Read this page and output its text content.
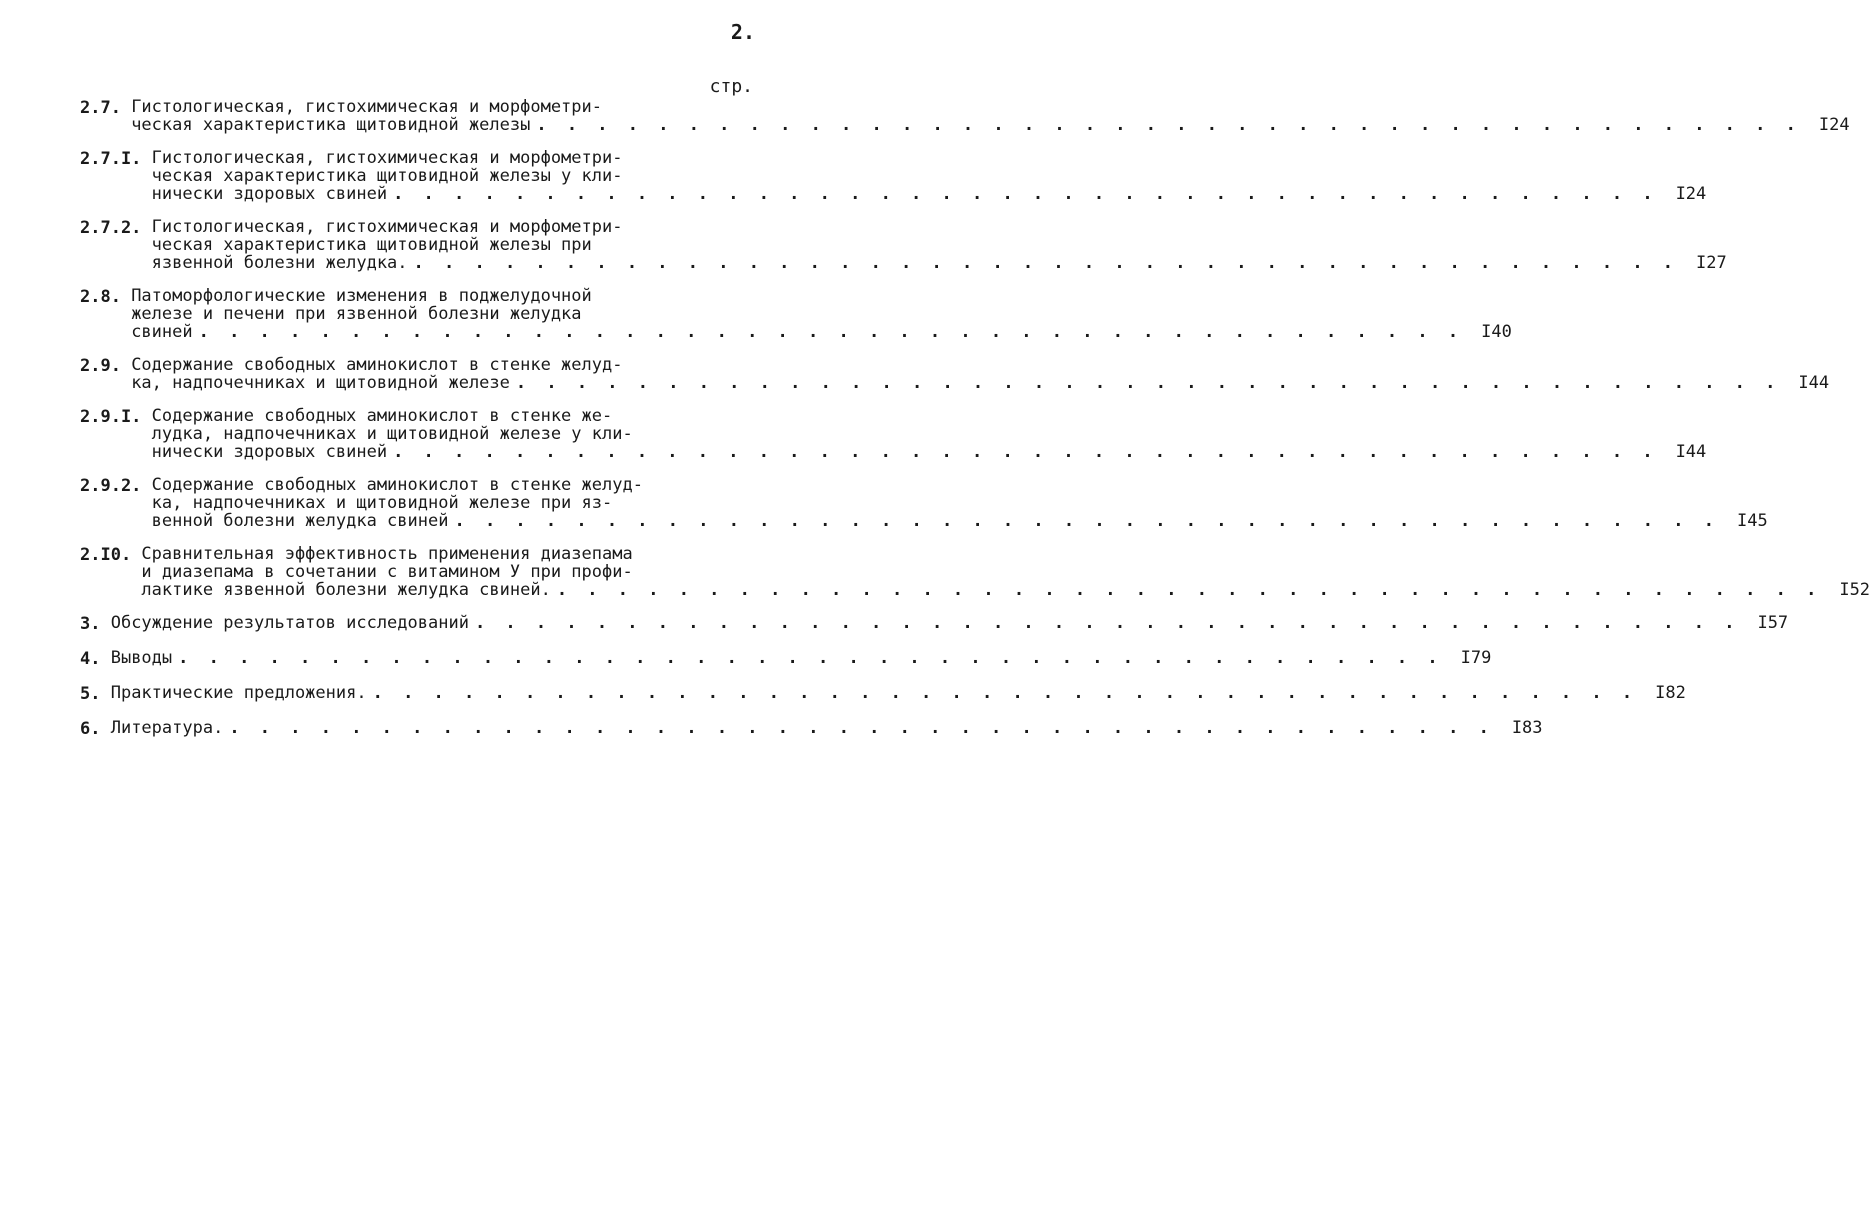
2.
стр.
2.7. Гистологическая, гистохимическая и морфометри-
ческая характеристика щитовидной железы . . . . . . . . . . . . . . . . . . . . . . . . . . . . . . . . . . . . . . . . . . I24
2.7.I. Гистологическая, гистохимическая и морфометри-
ческая характеристика щитовидной железы у кли-
нически здоровых свиней . . . . . . . . . . . . . . . . . . . . . . . . . . . . . . . . . . . . . . . . . . I24
2.7.2. Гистологическая, гистохимическая и морфометри-
ческая характеристика щитовидной железы при
язвенной болезни желудка. . . . . . . . . . . . . . . . . . . . . . . . . . . . . . . . . . . . . . . . . . . I27
2.8. Патоморфологические изменения в поджелудочной
железе и печени при язвенной болезни желудка
свиней . . . . . . . . . . . . . . . . . . . . . . . . . . . . . . . . . . . . . . . . . . I40
2.9. Содержание свободных аминокислот в стенке желуд-
ка, надпочечниках и щитовидной железе . . . . . . . . . . . . . . . . . . . . . . . . . . . . . . . . . . . . . . . . . . I44
2.9.I. Содержание свободных аминокислот в стенке же-
лудка, надпочечниках и щитовидной железе у кли-
нически здоровых свиней . . . . . . . . . . . . . . . . . . . . . . . . . . . . . . . . . . . . . . . . . . I44
2.9.2. Содержание свободных аминокислот в стенке желуд-
ка, надпочечниках и щитовидной железе при яз-
венной болезни желудка свиней . . . . . . . . . . . . . . . . . . . . . . . . . . . . . . . . . . . . . . . . . . I45
2.I0. Сравнительная эффективность применения диазепама
и диазепама в сочетании с витамином У при профи-
лактике язвенной болезни желудка свиней. . . . . . . . . . . . . . . . . . . . . . . . . . . . . . . . . . . . . . . . . . . I52
3. Обсуждение результатов исследований . . . . . . . . . . . . . . . . . . . . . . . . . . . . . . . . . . . . . . . . . . I57
4. Выводы . . . . . . . . . . . . . . . . . . . . . . . . . . . . . . . . . . . . . . . . . . I79
5. Практические предложения. . . . . . . . . . . . . . . . . . . . . . . . . . . . . . . . . . . . . . . . . . . I82
6. Литература. . . . . . . . . . . . . . . . . . . . . . . . . . . . . . . . . . . . . . . . . . . I83
